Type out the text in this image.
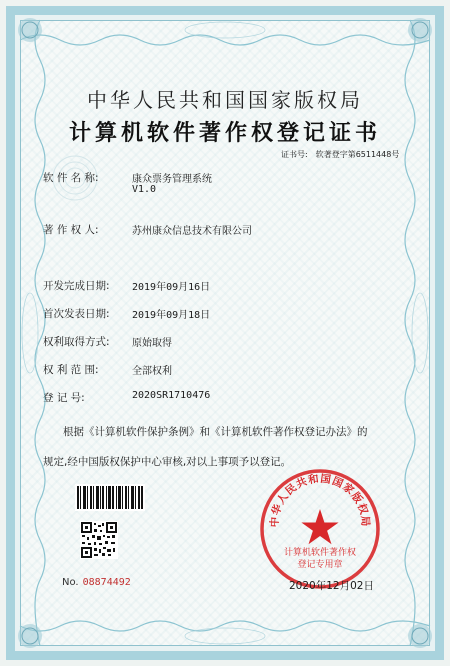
中华人民共和国国家版权局
计算机软件著作权登记证书
证书号: 软著登字第6511448号
软 件 名 称:	康众票务管理系统
V1.0
著 作 权 人:	苏州康众信息技术有限公司
开发完成日期: 2019年09月16日
首次发表日期: 2019年09月18日
权利取得方式: 原始取得
权 利 范 围:	全部权利
登 记 号:	2020SR1710476
根据《计算机软件保护条例》和《计算机软件著作权登记办法》的
规定,经中国版权保护中心审核,对以上事项予以登记。
No. 08874492
中华人民共和国国家版权局
计算机软件著作权
登记专用章
2020年12月02日
